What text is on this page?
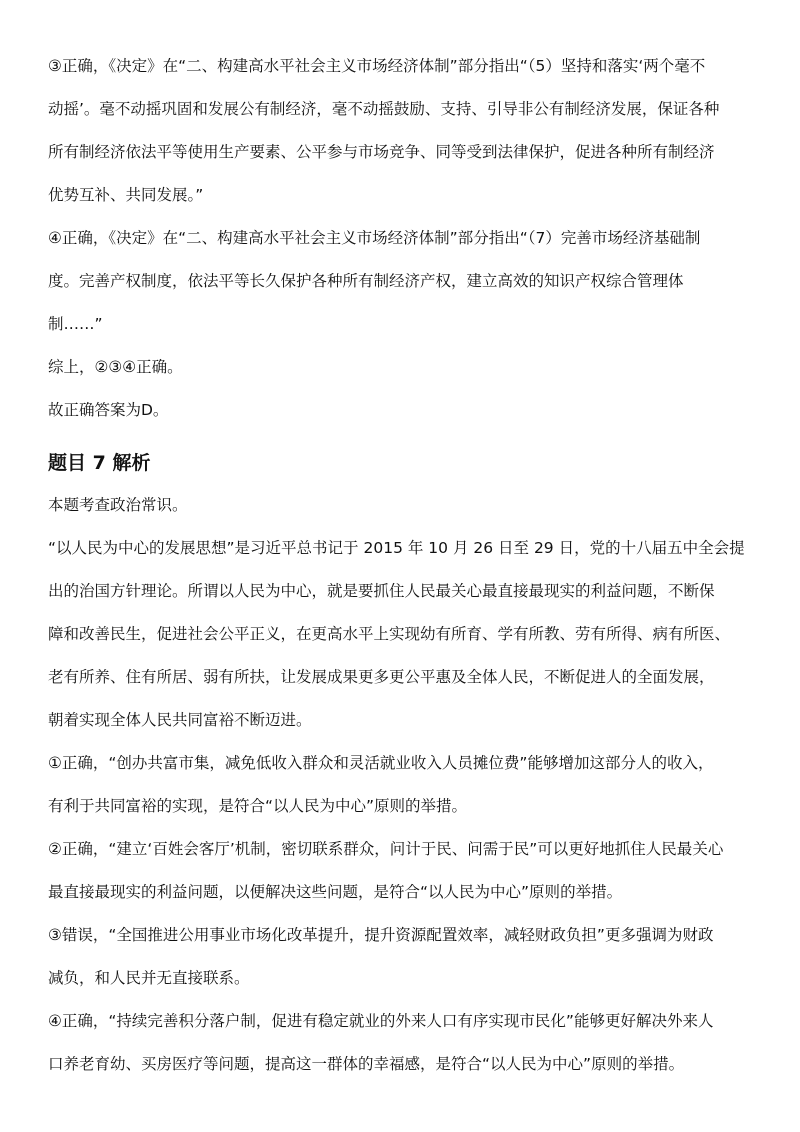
③正确，《决定》在“二、构建高水平社会主义市场经济体制”部分指出“（5）坚持和落实‘两个毫不
动摇’。毫不动摇巩固和发展公有制经济，毫不动摇鼓励、支持、引导非公有制经济发展，保证各种
所有制经济依法平等使用生产要素、公平参与市场竞争、同等受到法律保护，促进各种所有制经济
优势互补、共同发展。”
④正确，《决定》在“二、构建高水平社会主义市场经济体制”部分指出“（7）完善市场经济基础制
度。完善产权制度，依法平等长久保护各种所有制经济产权，建立高效的知识产权综合管理体
制……”
综上，②③④正确。
故正确答案为D。
题目 7 解析
本题考查政治常识。
“以人民为中心的发展思想”是习近平总书记于 2015 年 10 月 26 日至 29 日，党的十八届五中全会提
出的治国方针理论。所谓以人民为中心，就是要抓住人民最关心最直接最现实的利益问题，不断保
障和改善民生，促进社会公平正义，在更高水平上实现幼有所育、学有所教、劳有所得、病有所医、
老有所养、住有所居、弱有所扶，让发展成果更多更公平惠及全体人民，不断促进人的全面发展，
朝着实现全体人民共同富裕不断迈进。
①正确，“创办共富市集，减免低收入群众和灵活就业收入人员摊位费”能够增加这部分人的收入，
有利于共同富裕的实现，是符合“以人民为中心”原则的举措。
②正确，“建立‘百姓会客厅’机制，密切联系群众，问计于民、问需于民”可以更好地抓住人民最关心
最直接最现实的利益问题，以便解决这些问题，是符合“以人民为中心”原则的举措。
③错误，“全国推进公用事业市场化改革提升，提升资源配置效率，减轻财政负担”更多强调为财政
减负，和人民并无直接联系。
④正确，“持续完善积分落户制，促进有稳定就业的外来人口有序实现市民化”能够更好解决外来人
口养老育幼、买房医疗等问题，提高这一群体的幸福感，是符合“以人民为中心”原则的举措。
